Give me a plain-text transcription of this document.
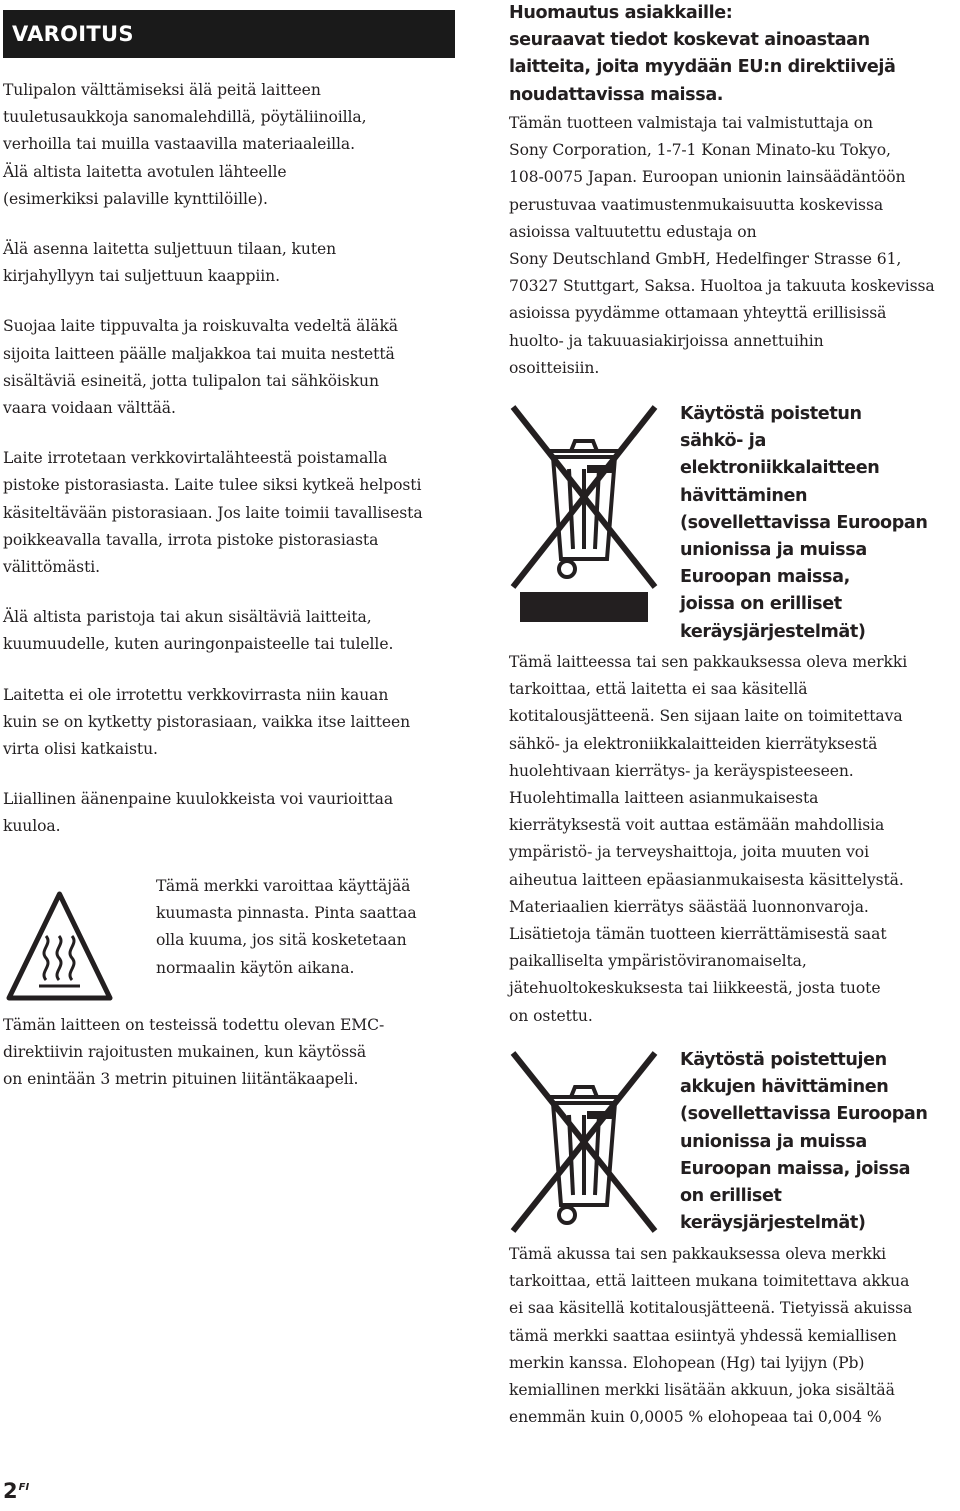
VAROITUS

Tulipalon välttämiseksi älä peitä laitteen
tuuletusaukkoja sanomalehdillä, pöytäliinoilla,
verhoilla tai muilla vastaavilla materiaaleilla.
Älä altista laitetta avotulen lähteelle
(esimerkiksi palaville kynttilöille).

Älä asenna laitetta suljettuun tilaan, kuten
kirjahyllyyn tai suljettuun kaappiin.

Suojaa laite tippuvalta ja roiskuvalta vedeltä äläkä
sijoita laitteen päälle maljakkoa tai muita nestettä
sisältäviä esineitä, jotta tulipalon tai sähköiskun
vaara voidaan välttää.

Laite irrotetaan verkkovirtalähteestä poistamalla
pistoke pistorasiasta. Laite tulee siksi kytkeä helposti
käsiteltävään pistorasiaan. Jos laite toimii tavallisesta
poikkeavalla tavalla, irrota pistoke pistorasiasta
välittömästi.

Älä altista paristoja tai akun sisältäviä laitteita,
kuumuudelle, kuten auringonpaisteelle tai tulelle.

Laitetta ei ole irrotettu verkkovirrasta niin kauan
kuin se on kytketty pistorasiaan, vaikka itse laitteen
virta olisi katkaistu.

Liiallinen äänenpaine kuulokkeista voi vaurioittaa
kuuloa.

Tämä merkki varoittaa käyttäjää
kuumasta pinnasta. Pinta saattaa
olla kuuma, jos sitä kosketetaan
normaalin käytön aikana.

Tämän laitteen on testeissä todettu olevan EMC-
direktiivin rajoitusten mukainen, kun käytössä
on enintään 3 metrin pituinen liitäntäkaapeli.

Huomautus asiakkaille:
seuraavat tiedot koskevat ainoastaan
laitteita, joita myydään EU:n direktiivejä
noudattavissa maissa.

Tämän tuotteen valmistaja tai valmistuttaja on
Sony Corporation, 1-7-1 Konan Minato-ku Tokyo,
108-0075 Japan. Euroopan unionin lainsäädäntöön
perustuvaa vaatimustenmukaisuutta koskevissa
asioissa valtuutettu edustaja on
Sony Deutschland GmbH, Hedelfinger Strasse 61,
70327 Stuttgart, Saksa. Huoltoa ja takuuta koskevissa
asioissa pyydämme ottamaan yhteyttä erillisissä
huolto- ja takuuasiakirjoissa annettuihin
osoitteisiin.

Käytöstä poistetun
sähkö- ja
elektroniikkalaitteen
hävittäminen
(sovellettavissa Euroopan
unionissa ja muissa
Euroopan maissa,
joissa on erilliset
keräysjärjestelmät)

Tämä laitteessa tai sen pakkauksessa oleva merkki
tarkoittaa, että laitetta ei saa käsitellä
kotitalousjätteenä. Sen sijaan laite on toimitettava
sähkö- ja elektroniikkalaitteiden kierrätyksestä
huolehtivaan kierrätys- ja keräyspisteeseen.
Huolehtimalla laitteen asianmukaisesta
kierrätyksestä voit auttaa estämään mahdollisia
ympäristö- ja terveyshaittoja, joita muuten voi
aiheutua laitteen epäasianmukaisesta käsittelystä.
Materiaalien kierrätys säästää luonnonvaroja.
Lisätietoja tämän tuotteen kierrättämisestä saat
paikalliselta ympäristöviranomaiselta,
jätehuoltokeskuksesta tai liikkeestä, josta tuote
on ostettu.

Käytöstä poistettujen
akkujen hävittäminen
(sovellettavissa Euroopan
unionissa ja muissa
Euroopan maissa, joissa
on erilliset
keräysjärjestelmät)

Tämä akussa tai sen pakkauksessa oleva merkki
tarkoittaa, että laitteen mukana toimitettava akkua
ei saa käsitellä kotitalousjätteenä. Tietyissä akuissa
tämä merkki saattaa esiintyä yhdessä kemiallisen
merkin kanssa. Elohopean (Hg) tai lyijyn (Pb)
kemiallinen merkki lisätään akkuun, joka sisältää
enemmän kuin 0,0005 % elohopeaa tai 0,004 %

$2^{FI}$
